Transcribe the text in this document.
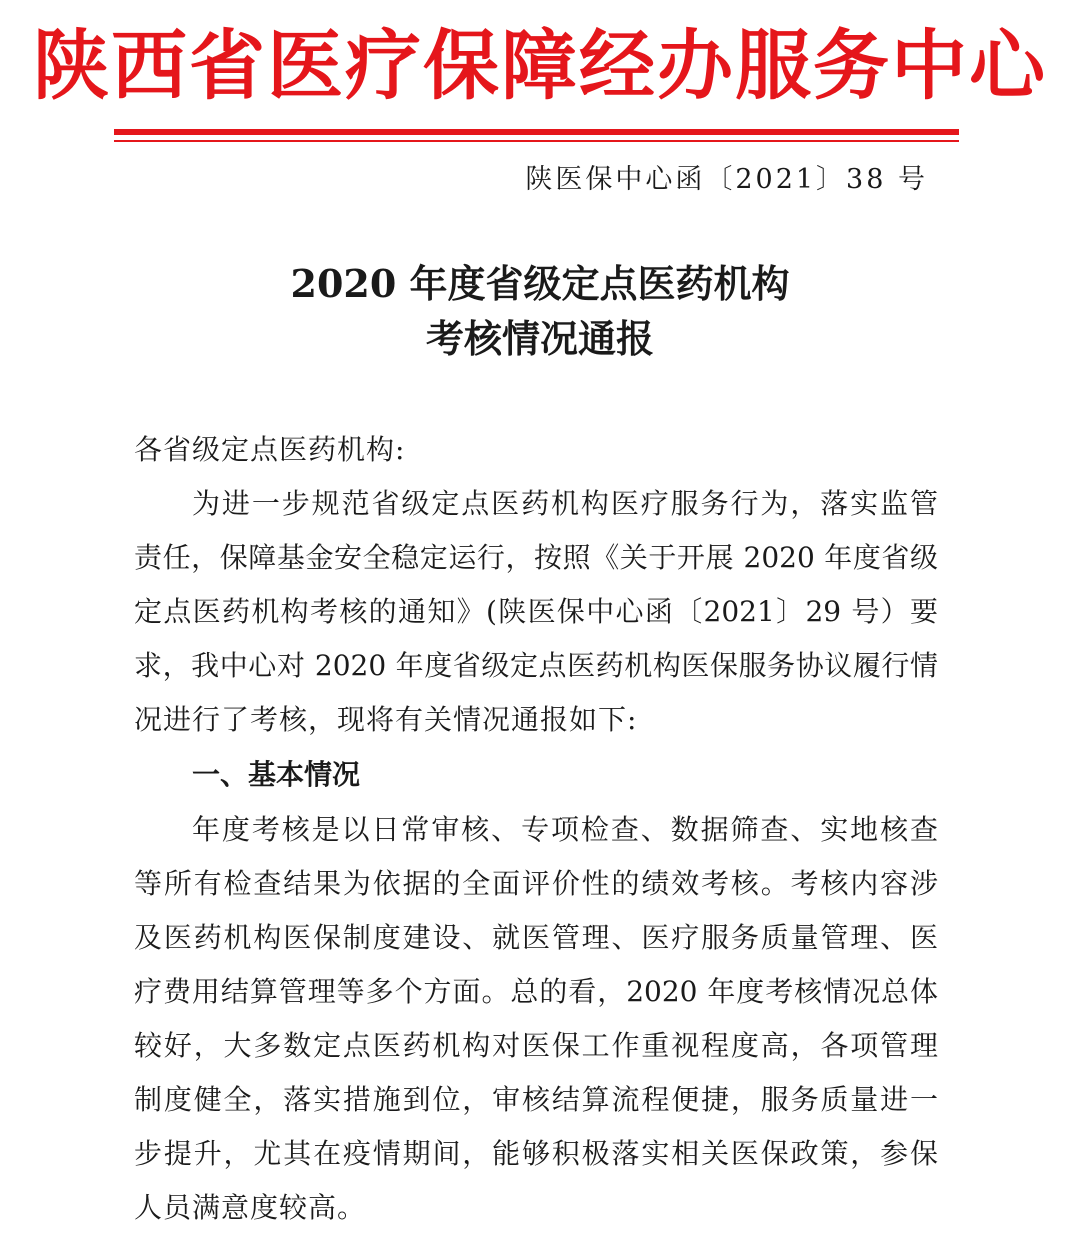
陕西省医疗保障经办服务中心
陕医保中心函〔2021〕38 号
2020 年度省级定点医药机构
考核情况通报
各省级定点医药机构:
为进一步规范省级定点医药机构医疗服务行为，落实监管
责任，保障基金安全稳定运行，按照《关于开展 2020 年度省级
定点医药机构考核的通知》(陕医保中心函〔2021〕29 号）要
求，我中心对 2020 年度省级定点医药机构医保服务协议履行情
况进行了考核，现将有关情况通报如下:
一、基本情况
年度考核是以日常审核、专项检查、数据筛查、实地核查
等所有检查结果为依据的全面评价性的绩效考核。考核内容涉
及医药机构医保制度建设、就医管理、医疗服务质量管理、医
疗费用结算管理等多个方面。总的看，2020 年度考核情况总体
较好，大多数定点医药机构对医保工作重视程度高，各项管理
制度健全，落实措施到位，审核结算流程便捷，服务质量进一
步提升，尤其在疫情期间，能够积极落实相关医保政策，参保
人员满意度较高。
